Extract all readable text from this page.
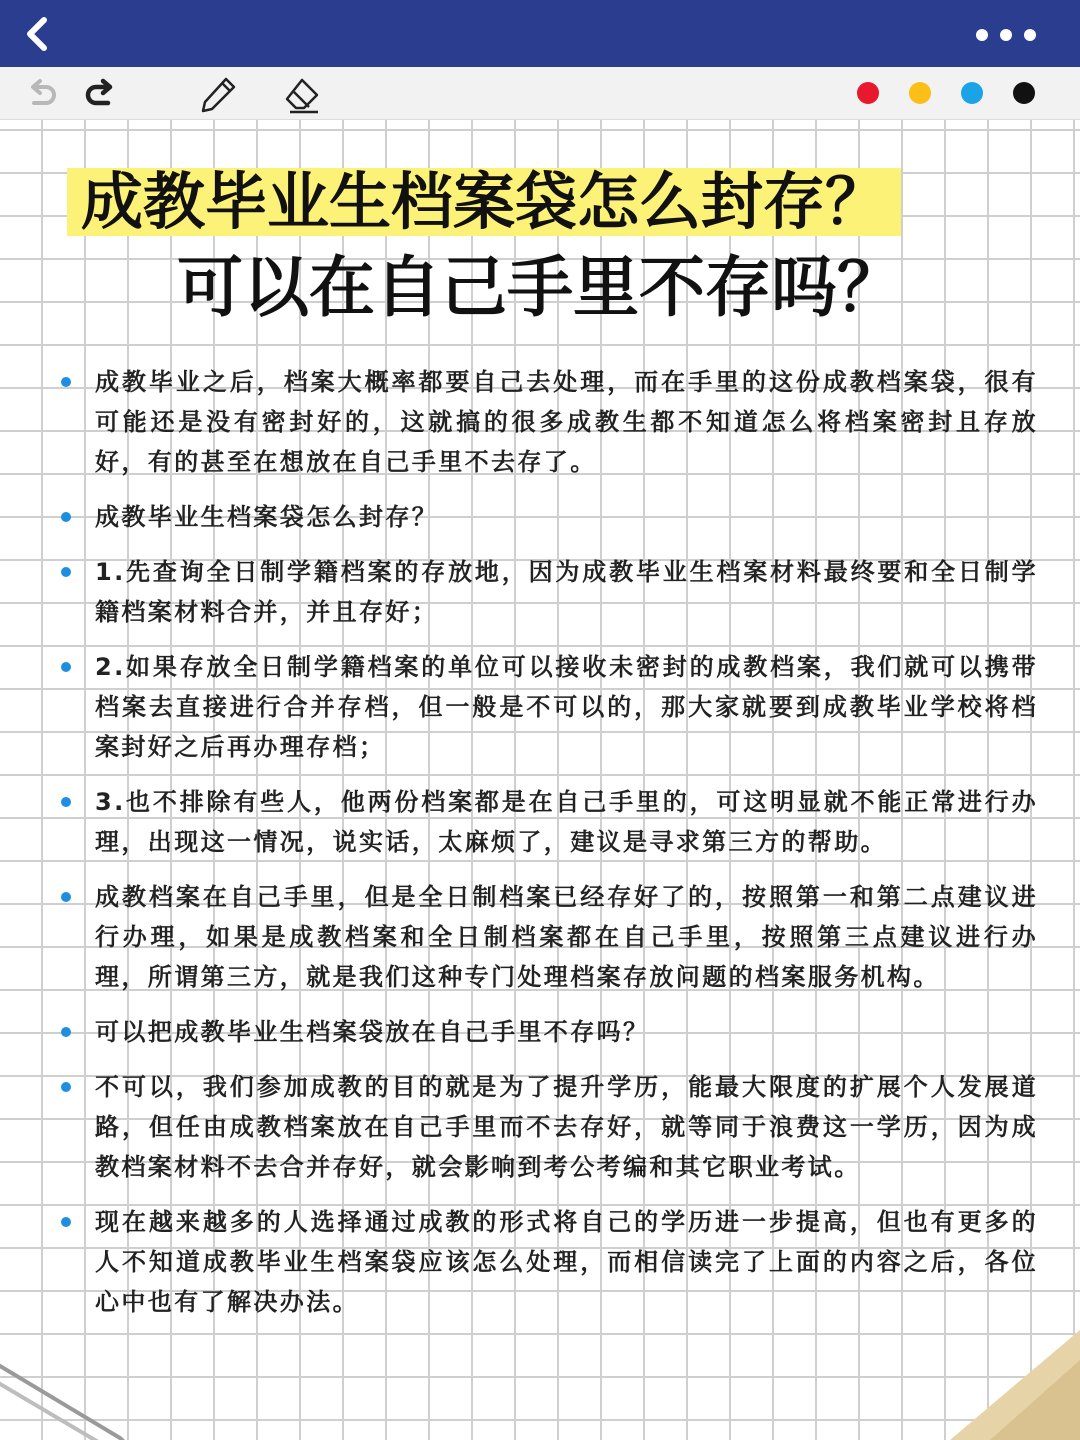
成教毕业生档案袋怎么封存？
可以在自己手里不存吗？
成教毕业之后，档案大概率都要自己去处理，而在手里的这份成教档案袋，很有可能还是没有密封好的，这就搞的很多成教生都不知道怎么将档案密封且存放好，有的甚至在想放在自己手里不去存了。
成教毕业生档案袋怎么封存？
1.先查询全日制学籍档案的存放地，因为成教毕业生档案材料最终要和全日制学籍档案材料合并，并且存好；
2.如果存放全日制学籍档案的单位可以接收未密封的成教档案，我们就可以携带档案去直接进行合并存档，但一般是不可以的，那大家就要到成教毕业学校将档案封好之后再办理存档；
3.也不排除有些人，他两份档案都是在自己手里的，可这明显就不能正常进行办理，出现这一情况，说实话，太麻烦了，建议是寻求第三方的帮助。
成教档案在自己手里，但是全日制档案已经存好了的，按照第一和第二点建议进行办理，如果是成教档案和全日制档案都在自己手里，按照第三点建议进行办理，所谓第三方，就是我们这种专门处理档案存放问题的档案服务机构。
可以把成教毕业生档案袋放在自己手里不存吗？
不可以，我们参加成教的目的就是为了提升学历，能最大限度的扩展个人发展道路，但任由成教档案放在自己手里而不去存好，就等同于浪费这一学历，因为成教档案材料不去合并存好，就会影响到考公考编和其它职业考试。
现在越来越多的人选择通过成教的形式将自己的学历进一步提高，但也有更多的人不知道成教毕业生档案袋应该怎么处理，而相信读完了上面的内容之后，各位心中也有了解决办法。
